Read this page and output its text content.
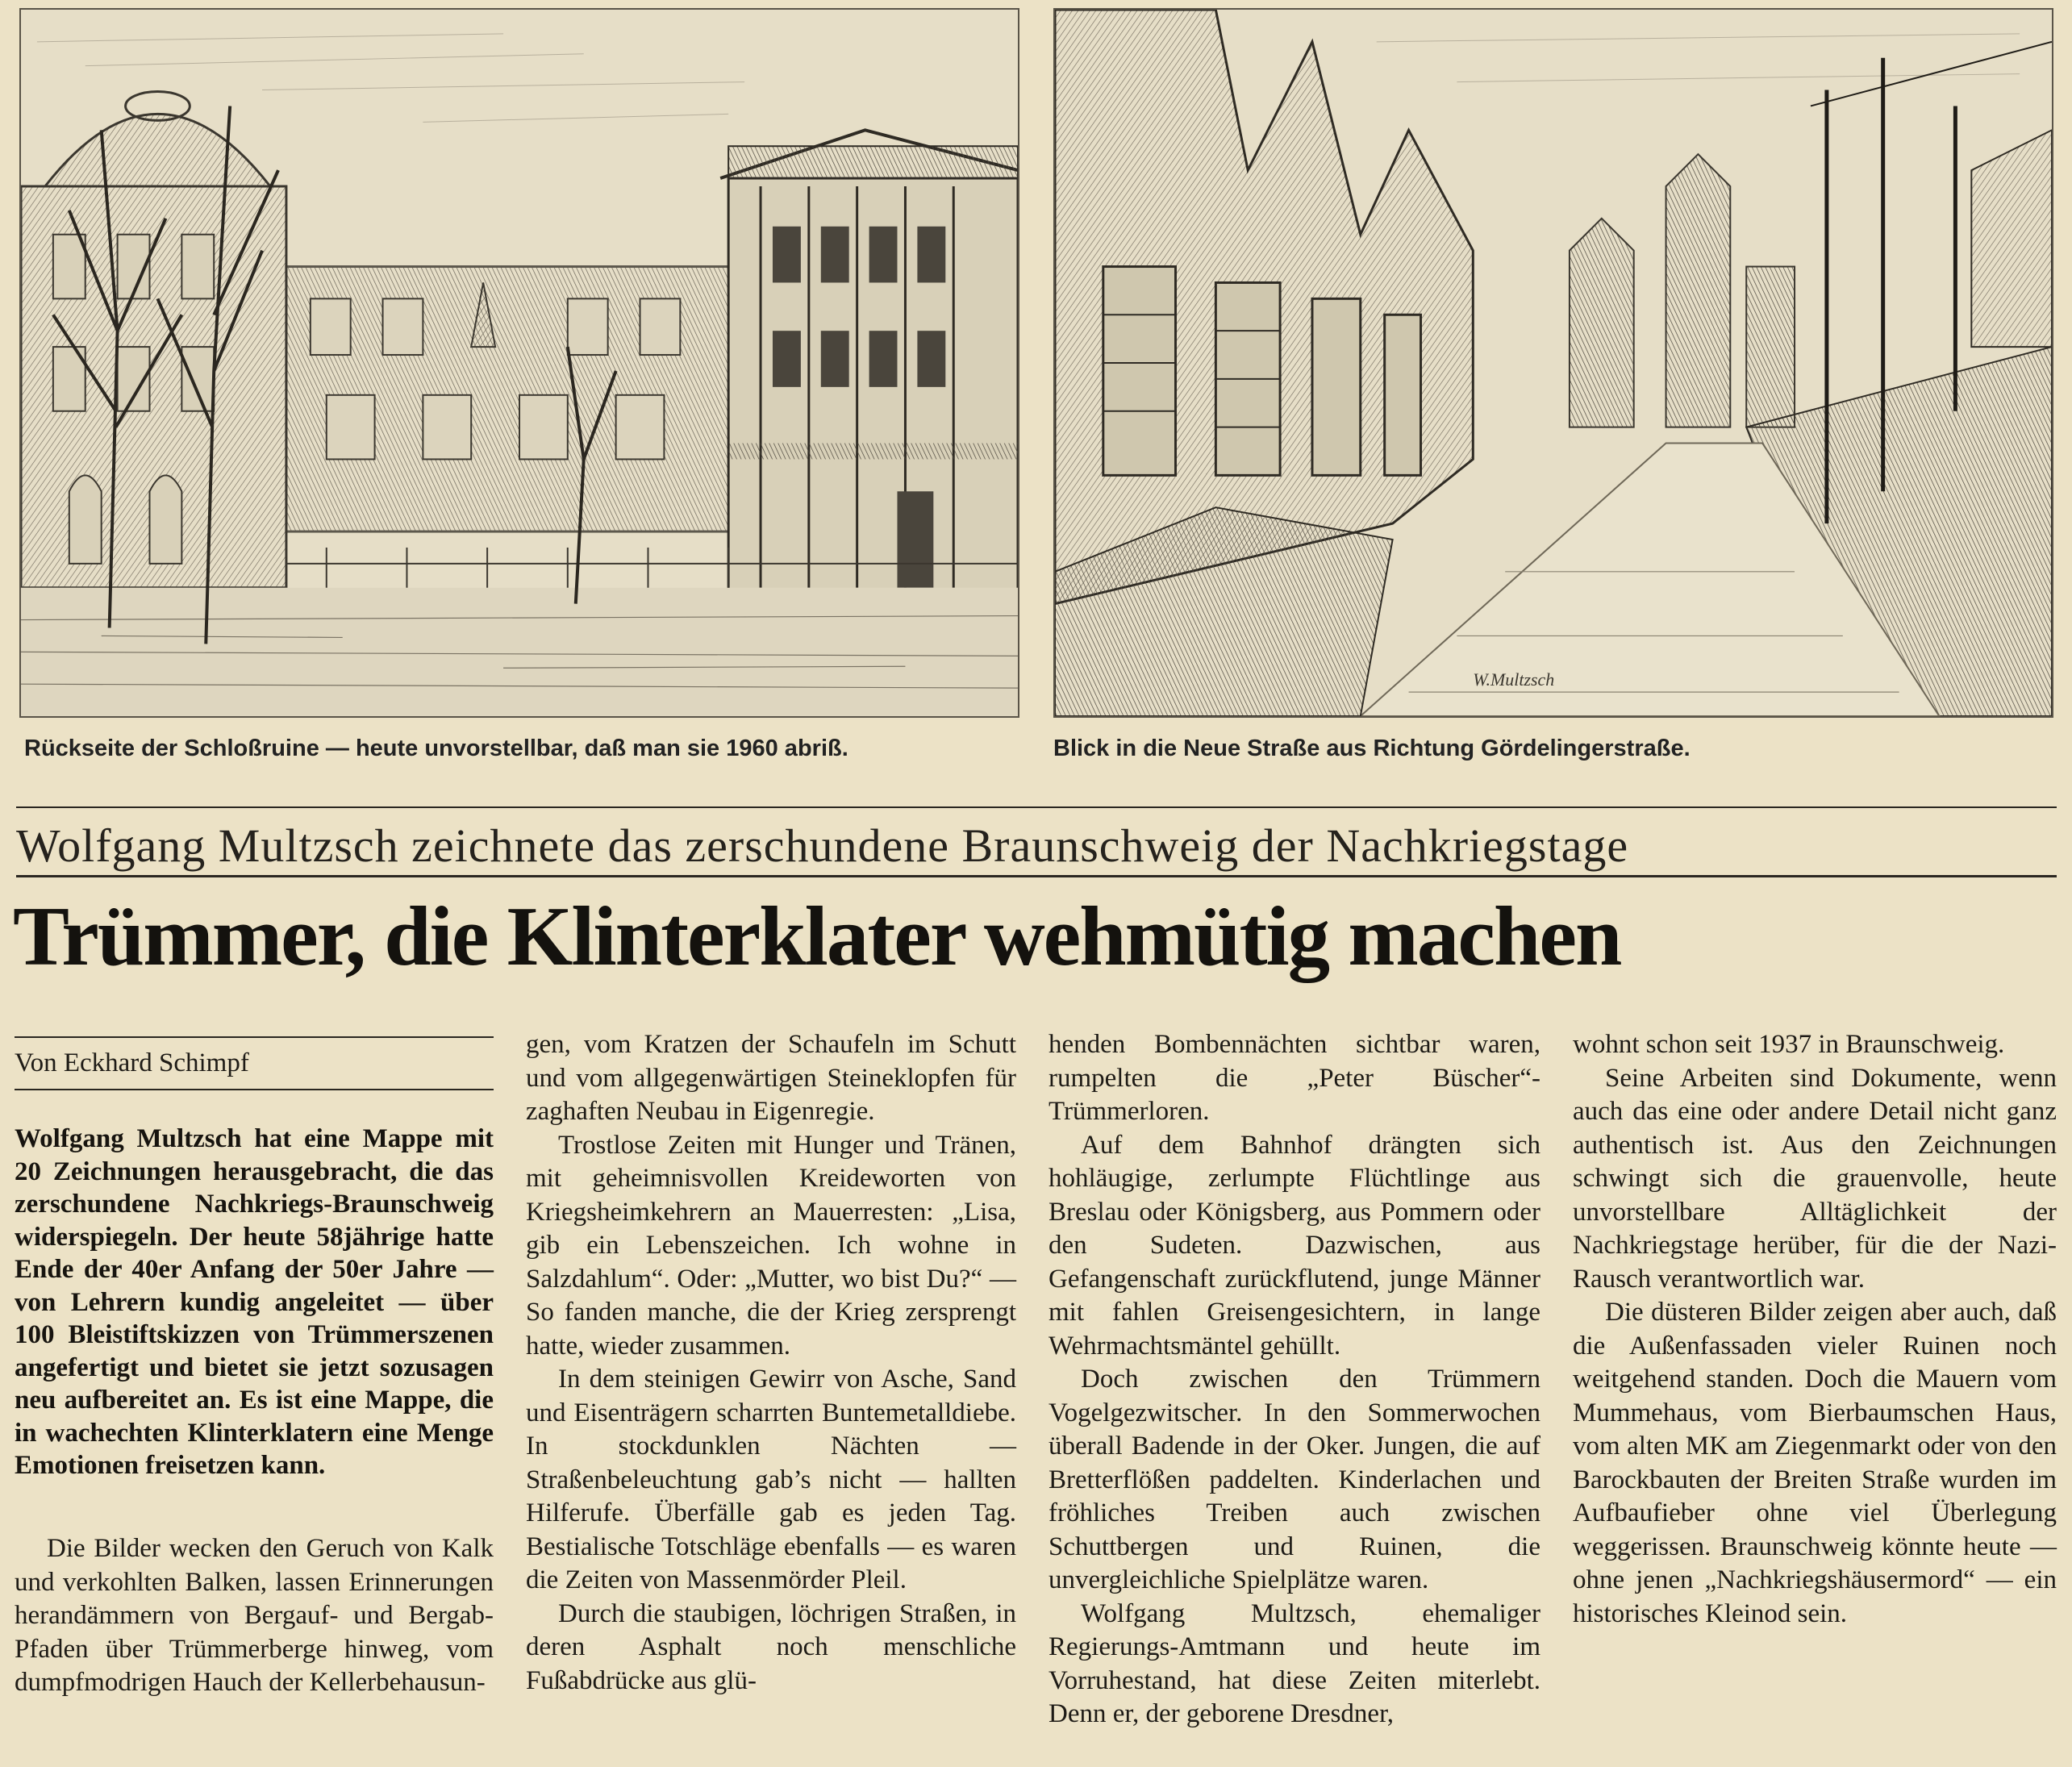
W.Multzsch
Rückseite der Schloßruine — heute unvorstellbar, daß man sie 1960 abriß.	Blick in die Neue Straße aus Richtung Gördelingerstraße.
Wolfgang Multzsch zeichnete das zerschundene Braunschweig der Nachkriegstage
Trümmer, die Klinterklater wehmütig machen
Von Eckhard Schimpf

Wolfgang Multzsch hat eine Mappe mit 20 Zeichnungen herausgebracht, die das zerschundene Nachkriegs-Braunschweig widerspiegeln. Der heute 58jährige hatte Ende der 40er Anfang der 50er Jahre — von Lehrern kundig angeleitet — über 100 Bleistiftskizzen von Trümmerszenen angefertigt und bietet sie jetzt sozusagen neu aufbereitet an. Es ist eine Mappe, die in wachechten Klinterklatern eine Menge Emotionen freisetzen kann.

Die Bilder wecken den Geruch von Kalk und verkohlten Balken, lassen Erinnerungen herandämmern von Bergauf- und Bergab-Pfaden über Trümmerberge hinweg, vom dumpfmodrigen Hauch der Kellerbehausun-

gen, vom Kratzen der Schaufeln im Schutt und vom allgegenwärtigen Steineklopfen für zaghaften Neubau in Eigenregie.

Trostlose Zeiten mit Hunger und Tränen, mit geheimnisvollen Kreideworten von Kriegsheimkehrern an Mauerresten: „Lisa, gib ein Lebenszeichen. Ich wohne in Salzdahlum“. Oder: „Mutter, wo bist Du?“ — So fanden manche, die der Krieg zersprengt hatte, wieder zusammen.

In dem steinigen Gewirr von Asche, Sand und Eisenträgern scharrten Buntemetalldiebe. In stockdunklen Nächten — Straßenbeleuchtung gab’s nicht — hallten Hilferufe. Überfälle gab es jeden Tag. Bestialische Totschläge ebenfalls — es waren die Zeiten von Massenmörder Pleil.

Durch die staubigen, löchrigen Straßen, in deren Asphalt noch menschliche Fußabdrücke aus glü-

henden Bombennächten sichtbar waren, rumpelten die „Peter Büscher“-Trümmerloren.

Auf dem Bahnhof drängten sich hohläugige, zerlumpte Flüchtlinge aus Breslau oder Königsberg, aus Pommern oder den Sudeten. Dazwischen, aus Gefangenschaft zurückflutend, junge Männer mit fahlen Greisengesichtern, in lange Wehrmachtsmäntel gehüllt.

Doch zwischen den Trümmern Vogelgezwitscher. In den Sommerwochen überall Badende in der Oker. Jungen, die auf Bretterflößen paddelten. Kinderlachen und fröhliches Treiben auch zwischen Schuttbergen und Ruinen, die unvergleichliche Spielplätze waren.

Wolfgang Multzsch, ehemaliger Regierungs-Amtmann und heute im Vorruhestand, hat diese Zeiten miterlebt. Denn er, der geborene Dresdner,

wohnt schon seit 1937 in Braunschweig.

Seine Arbeiten sind Dokumente, wenn auch das eine oder andere Detail nicht ganz authentisch ist. Aus den Zeichnungen schwingt sich die grauenvolle, heute unvorstellbare Alltäglichkeit der Nachkriegstage herüber, für die der Nazi-Rausch verantwortlich war.

Die düsteren Bilder zeigen aber auch, daß die Außenfassaden vieler Ruinen noch weitgehend standen. Doch die Mauern vom Mummehaus, vom Bierbaumschen Haus, vom alten MK am Ziegenmarkt oder von den Barockbauten der Breiten Straße wurden im Aufbaufieber ohne viel Überlegung weggerissen. Braunschweig könnte heute — ohne jenen „Nachkriegshäusermord“ — ein historisches Kleinod sein.
